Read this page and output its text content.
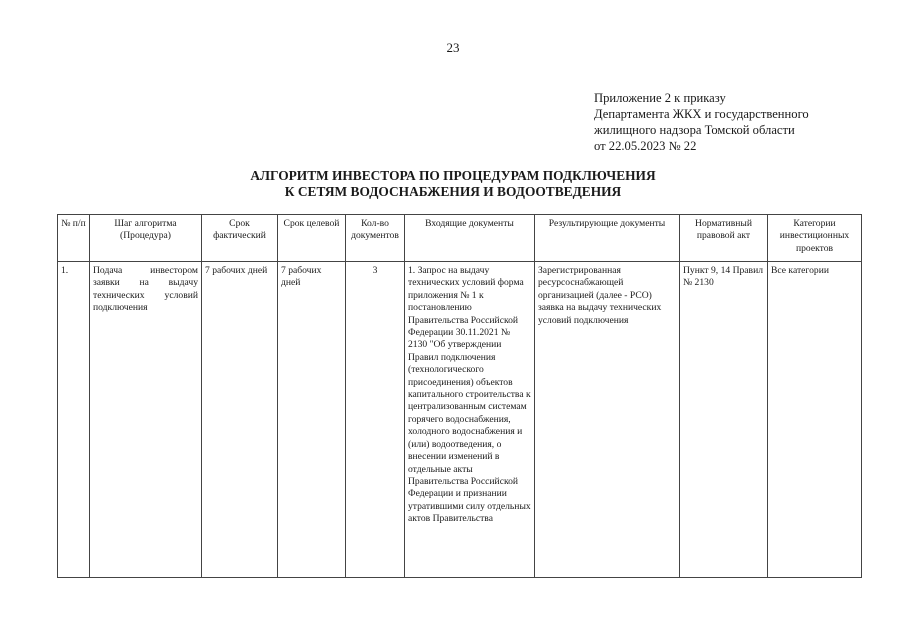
23
Приложение 2 к приказу
Департамента ЖКХ и государственного
жилищного надзора Томской области
от 22.05.2023 № 22
АЛГОРИТМ ИНВЕСТОРА ПО ПРОЦЕДУРАМ ПОДКЛЮЧЕНИЯ
К СЕТЯМ ВОДОСНАБЖЕНИЯ И ВОДООТВЕДЕНИЯ
№ п/п	Шаг алгоритма (Процедура)	Срок фактический	Срок целевой	Кол-во документов	Входящие документы	Результирующие документы	Нормативный правовой акт	Категории инвестиционных проектов
1.	Подача инвестором заявки на выдачу технических условий подключения	7 рабочих дней	7 рабочих дней	3	1. Запрос на выдачу технических условий форма приложения № 1 к постановлению Правительства Российской Федерации 30.11.2021 № 2130 "Об утверждении Правил подключения (технологического присоединения) объектов капитального строительства к централизованным системам горячего водоснабжения, холодного водоснабжения и (или) водоотведения, о внесении изменений в отдельные акты Правительства Российской Федерации и признании утратившими силу отдельных актов Правительства	Зарегистрированная ресурсоснабжающей организацией (далее - РСО) заявка на выдачу технических условий подключения	Пункт 9, 14 Правил № 2130	Все категории
